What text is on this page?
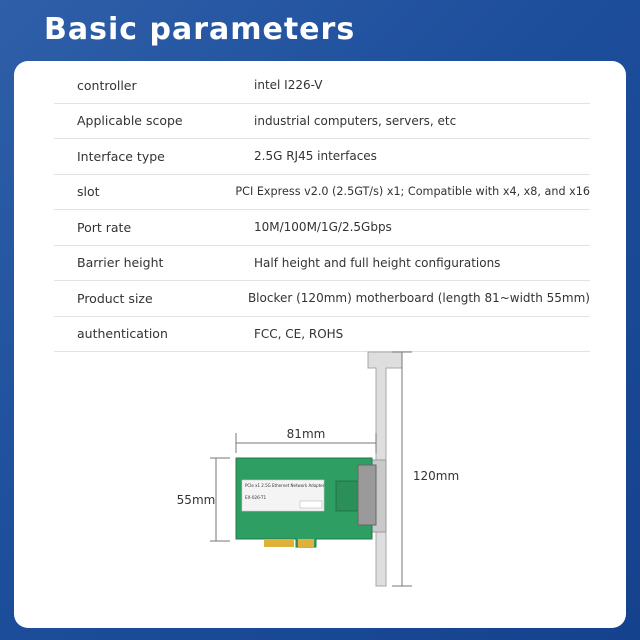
Basic parameters
controller	intel I226-V
Applicable scope	industrial computers, servers, etc
Interface type	2.5G RJ45 interfaces
slot	PCI Express v2.0 (2.5GT/s) x1; Compatible with x4, x8, and x16
Port rate	10M/100M/1G/2.5Gbps
Barrier height	Half height and full height configurations
Product size	Blocker (120mm) motherboard (length 81~width 55mm)
authentication	FCC, CE, ROHS
PCIe x1 2.5G Ethernet Network Adapter
EX-026-T1
81mm
55mm
120mm
